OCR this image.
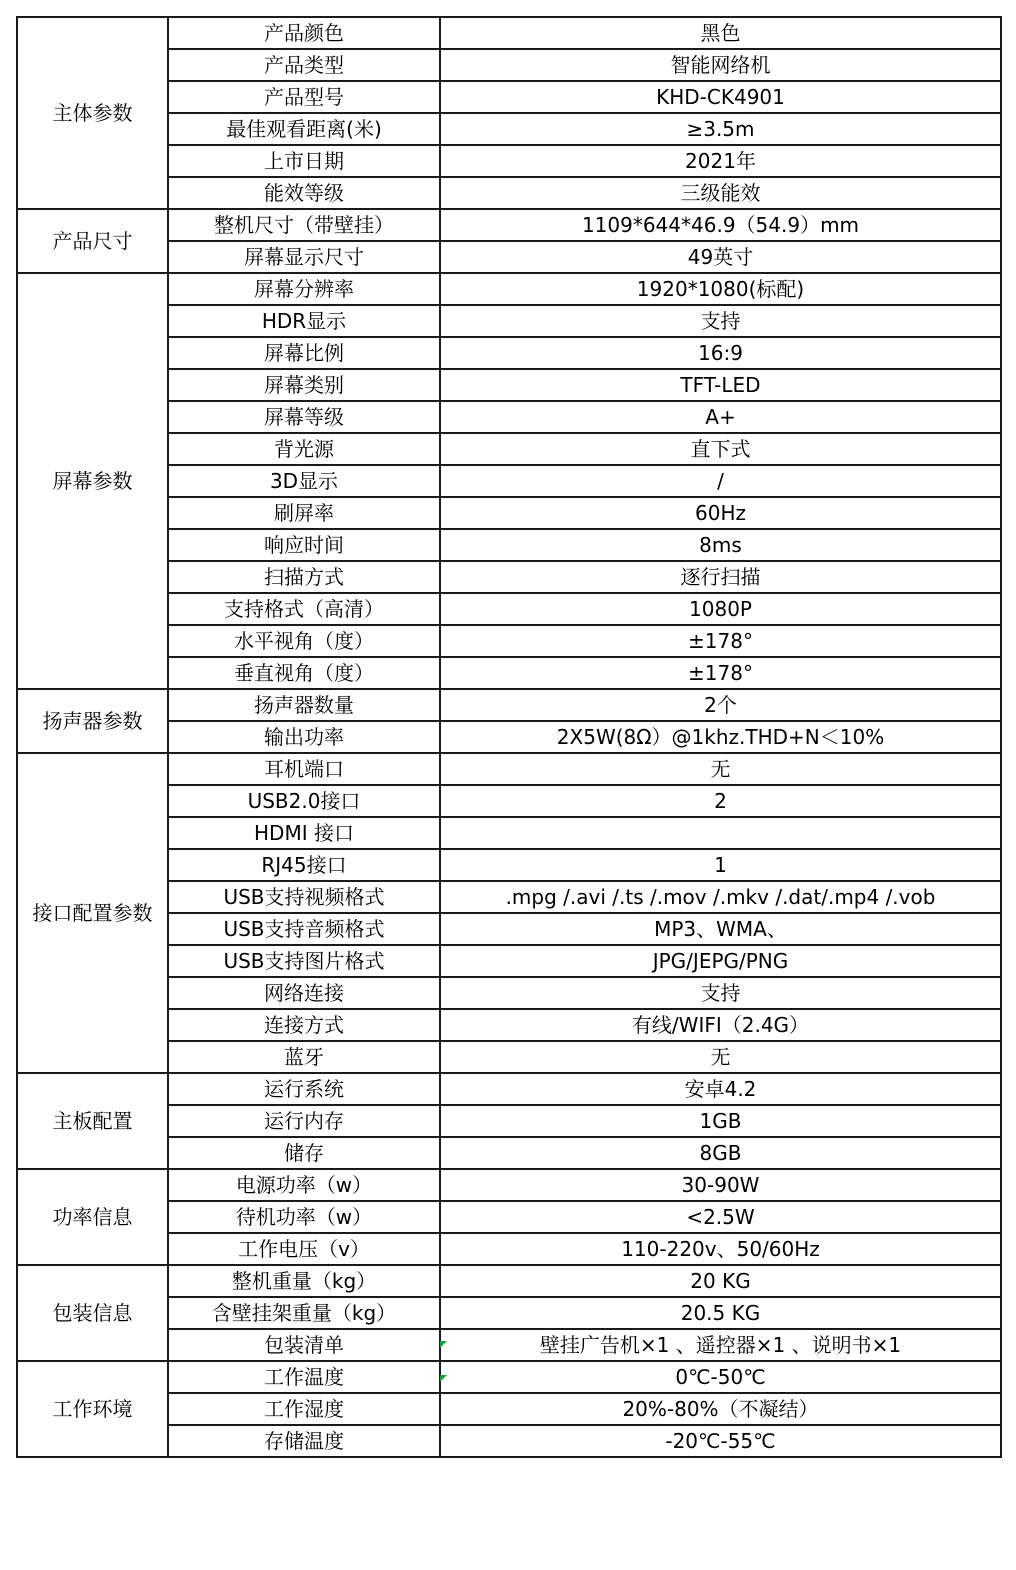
主体参数	产品颜色	黑色
	产品类型	智能网络机
	产品型号	KHD-CK4901
	最佳观看距离(米)	≥3.5m
	上市日期	2021年
	能效等级	三级能效
产品尺寸	整机尺寸（带壁挂）	1109*644*46.9（54.9）mm
	屏幕显示尺寸	49英寸
屏幕参数	屏幕分辨率	1920*1080(标配)
	HDR显示	支持
	屏幕比例	16:9
	屏幕类别	TFT-LED
	屏幕等级	A+
	背光源	直下式
	3D显示	/
	刷屏率	60Hz
	响应时间	8ms
	扫描方式	逐行扫描
	支持格式（高清）	1080P
	水平视角（度）	±178°
	垂直视角（度）	±178°
扬声器参数	扬声器数量	2个
	输出功率	2X5W(8Ω）@1khz.THD+N＜10%
接口配置参数	耳机端口	无
	USB2.0接口	2
	HDMI 接口	
	RJ45接口	1
	USB支持视频格式	.mpg /.avi /.ts /.mov /.mkv /.dat/.mp4 /.vob
	USB支持音频格式	MP3、WMA、
	USB支持图片格式	JPG/JEPG/PNG
	网络连接	支持
	连接方式	有线/WIFI（2.4G）
	蓝牙	无
主板配置	运行系统	安卓4.2
	运行内存	1GB
	储存	8GB
功率信息	电源功率（w）	30-90W
	待机功率（w）	<2.5W
	工作电压（v）	110-220v、50/60Hz
包装信息	整机重量（kg）	20 KG
	含壁挂架重量（kg）	20.5 KG
	包装清单	壁挂广告机×1 、遥控器×1 、说明书×1
工作环境	工作温度	0℃-50℃
	工作湿度	20%-80%（不凝结）
	存储温度	-20℃-55℃
